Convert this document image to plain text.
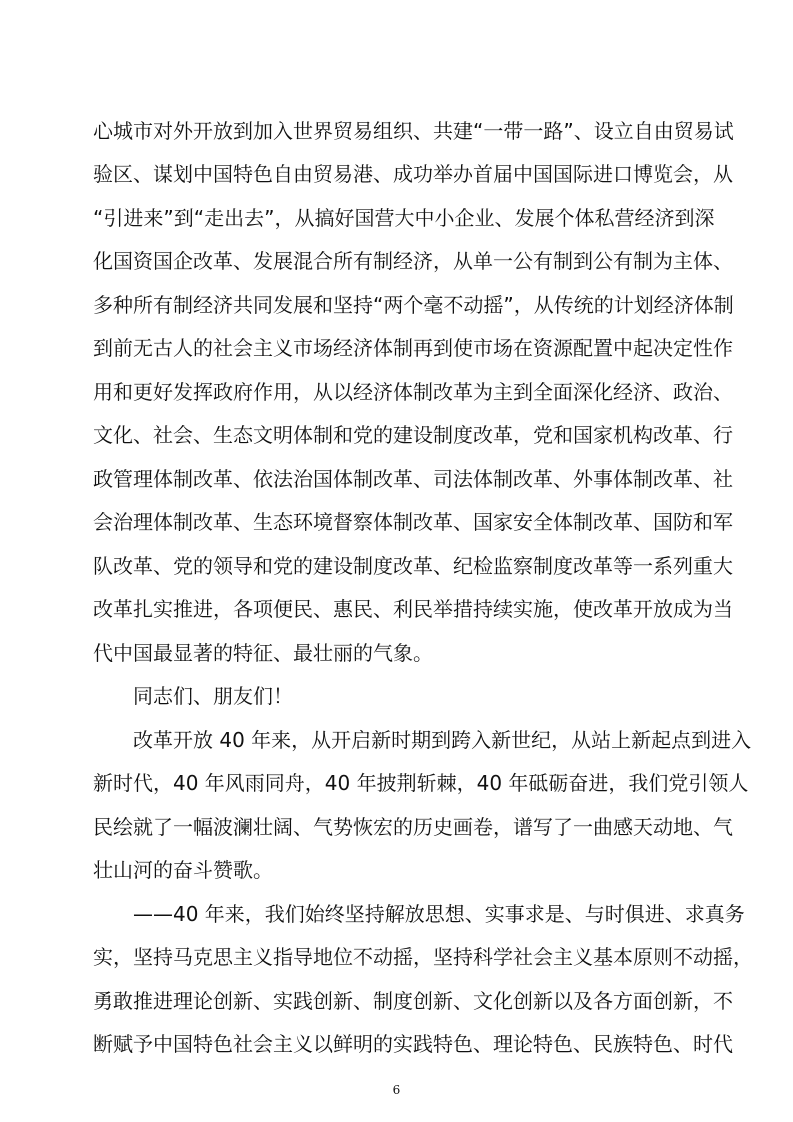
心城市对外开放到加入世界贸易组织、共建“一带一路”、设立自由贸易试
验区、谋划中国特色自由贸易港、成功举办首届中国国际进口博览会，从
“引进来”到“走出去”，从搞好国营大中小企业、发展个体私营经济到深
化国资国企改革、发展混合所有制经济，从单一公有制到公有制为主体、
多种所有制经济共同发展和坚持“两个毫不动摇”，从传统的计划经济体制
到前无古人的社会主义市场经济体制再到使市场在资源配置中起决定性作
用和更好发挥政府作用，从以经济体制改革为主到全面深化经济、政治、
文化、社会、生态文明体制和党的建设制度改革，党和国家机构改革、行
政管理体制改革、依法治国体制改革、司法体制改革、外事体制改革、社
会治理体制改革、生态环境督察体制改革、国家安全体制改革、国防和军
队改革、党的领导和党的建设制度改革、纪检监察制度改革等一系列重大
改革扎实推进，各项便民、惠民、利民举措持续实施，使改革开放成为当
代中国最显著的特征、最壮丽的气象。
同志们、朋友们！
改革开放 40 年来，从开启新时期到跨入新世纪，从站上新起点到进入
新时代，40 年风雨同舟，40 年披荆斩棘，40 年砥砺奋进，我们党引领人
民绘就了一幅波澜壮阔、气势恢宏的历史画卷，谱写了一曲感天动地、气
壮山河的奋斗赞歌。
——40 年来，我们始终坚持解放思想、实事求是、与时俱进、求真务
实，坚持马克思主义指导地位不动摇，坚持科学社会主义基本原则不动摇，
勇敢推进理论创新、实践创新、制度创新、文化创新以及各方面创新，不
断赋予中国特色社会主义以鲜明的实践特色、理论特色、民族特色、时代
6
